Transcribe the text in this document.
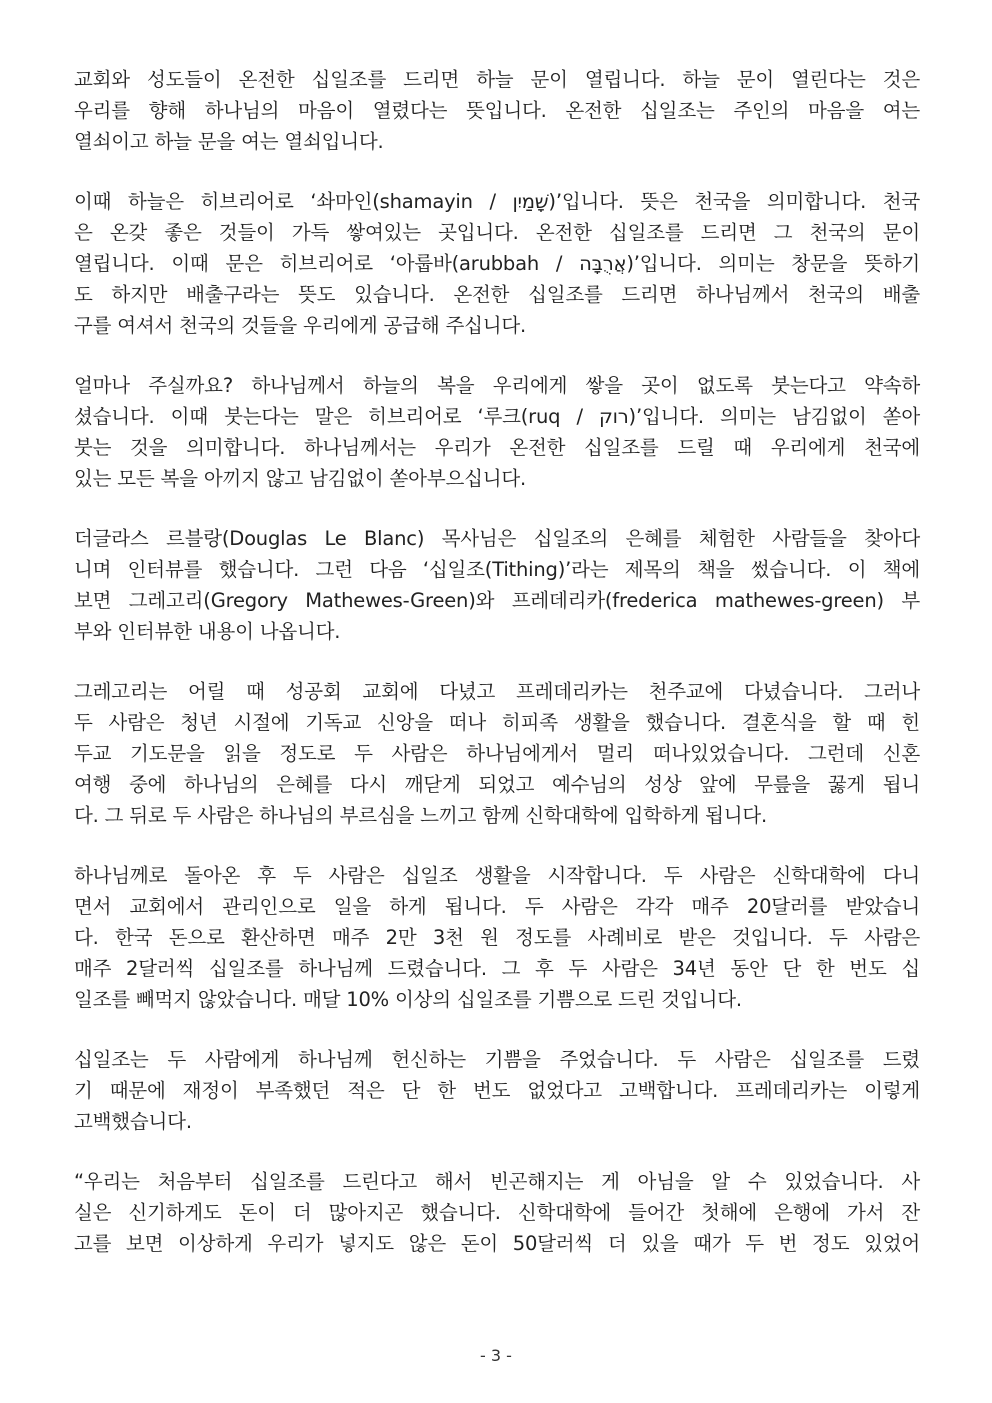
교회와 성도들이 온전한 십일조를 드리면 하늘 문이 열립니다. 하늘 문이 열린다는 것은
우리를 향해 하나님의 마음이 열렸다는 뜻입니다. 온전한 십일조는 주인의 마음을 여는
열쇠이고 하늘 문을 여는 열쇠입니다.
이때 하늘은 히브리어로 ‘솨마인(shamayin / שָׁמַיִן)’입니다. 뜻은 천국을 의미합니다. 천국
은 온갖 좋은 것들이 가득 쌓여있는 곳입니다. 온전한 십일조를 드리면 그 천국의 문이
열립니다. 이때 문은 히브리어로 ‘아룹바(arubbah / אֲרֻבָּה)’입니다. 의미는 창문을 뜻하기
도 하지만 배출구라는 뜻도 있습니다. 온전한 십일조를 드리면 하나님께서 천국의 배출
구를 여셔서 천국의 것들을 우리에게 공급해 주십니다.
얼마나 주실까요? 하나님께서 하늘의 복을 우리에게 쌓을 곳이 없도록 붓는다고 약속하
셨습니다. 이때 붓는다는 말은 히브리어로 ‘루크(ruq / רוק)’입니다. 의미는 남김없이 쏟아
붓는 것을 의미합니다. 하나님께서는 우리가 온전한 십일조를 드릴 때 우리에게 천국에
있는 모든 복을 아끼지 않고 남김없이 쏟아부으십니다.
더글라스 르블랑(Douglas Le Blanc) 목사님은 십일조의 은혜를 체험한 사람들을 찾아다
니며 인터뷰를 했습니다. 그런 다음 ‘십일조(Tithing)’라는 제목의 책을 썼습니다. 이 책에
보면 그레고리(Gregory Mathewes-Green)와 프레데리카(frederica mathewes-green) 부
부와 인터뷰한 내용이 나옵니다.
그레고리는 어릴 때 성공회 교회에 다녔고 프레데리카는 천주교에 다녔습니다. 그러나
두 사람은 청년 시절에 기독교 신앙을 떠나 히피족 생활을 했습니다. 결혼식을 할 때 힌
두교 기도문을 읽을 정도로 두 사람은 하나님에게서 멀리 떠나있었습니다. 그런데 신혼
여행 중에 하나님의 은혜를 다시 깨닫게 되었고 예수님의 성상 앞에 무릎을 꿇게 됩니
다. 그 뒤로 두 사람은 하나님의 부르심을 느끼고 함께 신학대학에 입학하게 됩니다.
하나님께로 돌아온 후 두 사람은 십일조 생활을 시작합니다. 두 사람은 신학대학에 다니
면서 교회에서 관리인으로 일을 하게 됩니다. 두 사람은 각각 매주 20달러를 받았습니
다. 한국 돈으로 환산하면 매주 2만 3천 원 정도를 사례비로 받은 것입니다. 두 사람은
매주 2달러씩 십일조를 하나님께 드렸습니다. 그 후 두 사람은 34년 동안 단 한 번도 십
일조를 빼먹지 않았습니다. 매달 10% 이상의 십일조를 기쁨으로 드린 것입니다.
십일조는 두 사람에게 하나님께 헌신하는 기쁨을 주었습니다. 두 사람은 십일조를 드렸
기 때문에 재정이 부족했던 적은 단 한 번도 없었다고 고백합니다. 프레데리카는 이렇게
고백했습니다.
“우리는 처음부터 십일조를 드린다고 해서 빈곤해지는 게 아님을 알 수 있었습니다. 사
실은 신기하게도 돈이 더 많아지곤 했습니다. 신학대학에 들어간 첫해에 은행에 가서 잔
고를 보면 이상하게 우리가 넣지도 않은 돈이 50달러씩 더 있을 때가 두 번 정도 있었어
- 3 -
